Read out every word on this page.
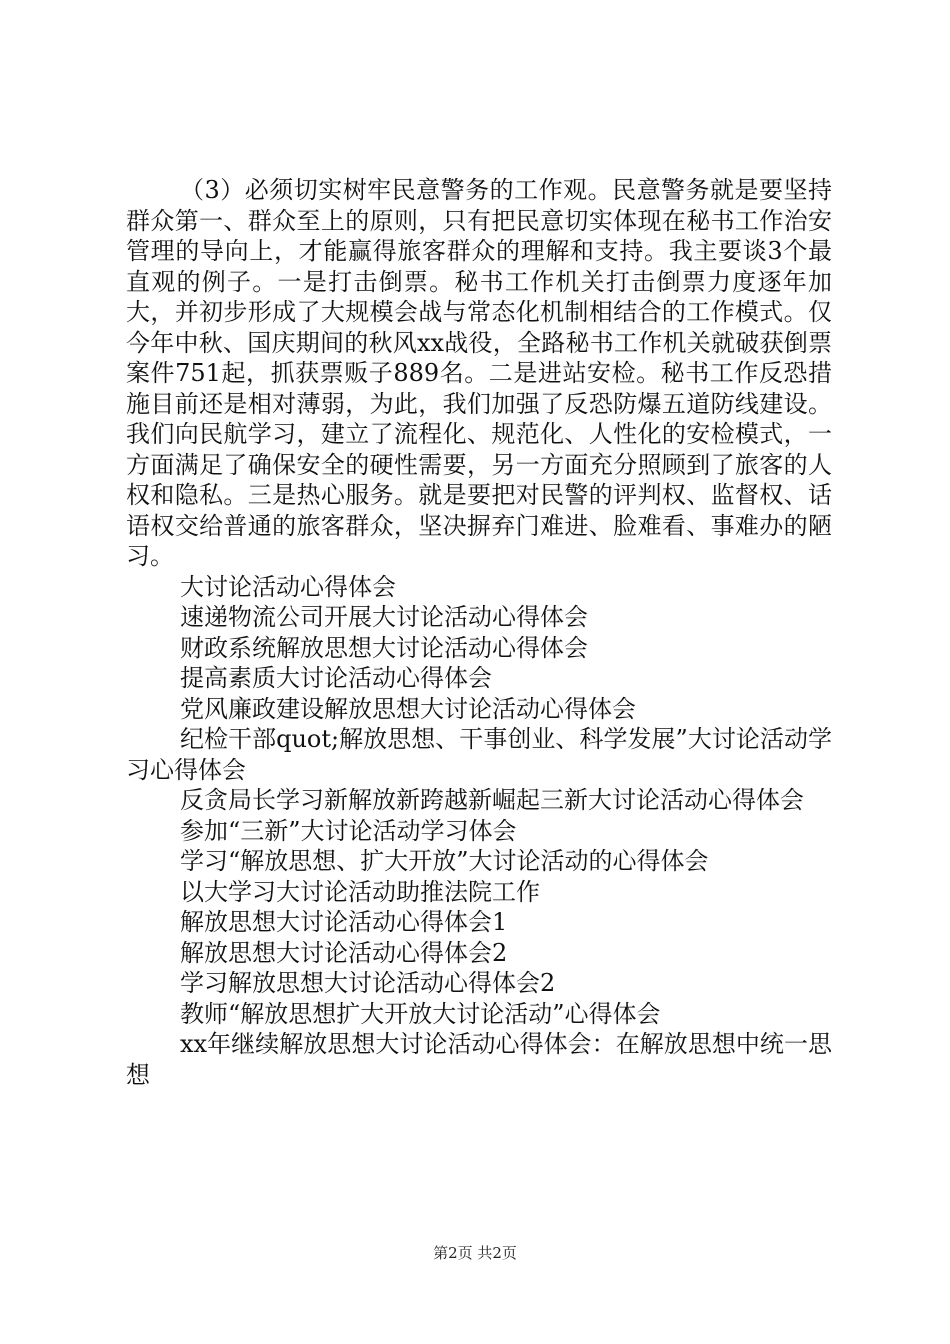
（3）必须切实树牢民意警务的工作观。民意警务就是要坚持群众第一、群众至上的原则，只有把民意切实体现在秘书工作治安管理的导向上，才能赢得旅客群众的理解和支持。我主要谈3个最直观的例子。一是打击倒票。秘书工作机关打击倒票力度逐年加大，并初步形成了大规模会战与常态化机制相结合的工作模式。仅今年中秋、国庆期间的秋风xx战役，全路秘书工作机关就破获倒票案件751起，抓获票贩子889名。二是进站安检。秘书工作反恐措施目前还是相对薄弱，为此，我们加强了反恐防爆五道防线建设。我们向民航学习，建立了流程化、规范化、人性化的安检模式，一方面满足了确保安全的硬性需要，另一方面充分照顾到了旅客的人权和隐私。三是热心服务。就是要把对民警的评判权、监督权、话语权交给普通的旅客群众，坚决摒弃门难进、脸难看、事难办的陋习。

大讨论活动心得体会
速递物流公司开展大讨论活动心得体会
财政系统解放思想大讨论活动心得体会
提高素质大讨论活动心得体会
党风廉政建设解放思想大讨论活动心得体会
纪检干部quot;解放思想、干事创业、科学发展”大讨论活动学习心得体会
反贪局长学习新解放新跨越新崛起三新大讨论活动心得体会
参加“三新”大讨论活动学习体会
学习“解放思想、扩大开放”大讨论活动的心得体会
以大学习大讨论活动助推法院工作
解放思想大讨论活动心得体会1
解放思想大讨论活动心得体会2
学习解放思想大讨论活动心得体会2
教师“解放思想扩大开放大讨论活动”心得体会
xx年继续解放思想大讨论活动心得体会：在解放思想中统一思想
第2页 共2页
